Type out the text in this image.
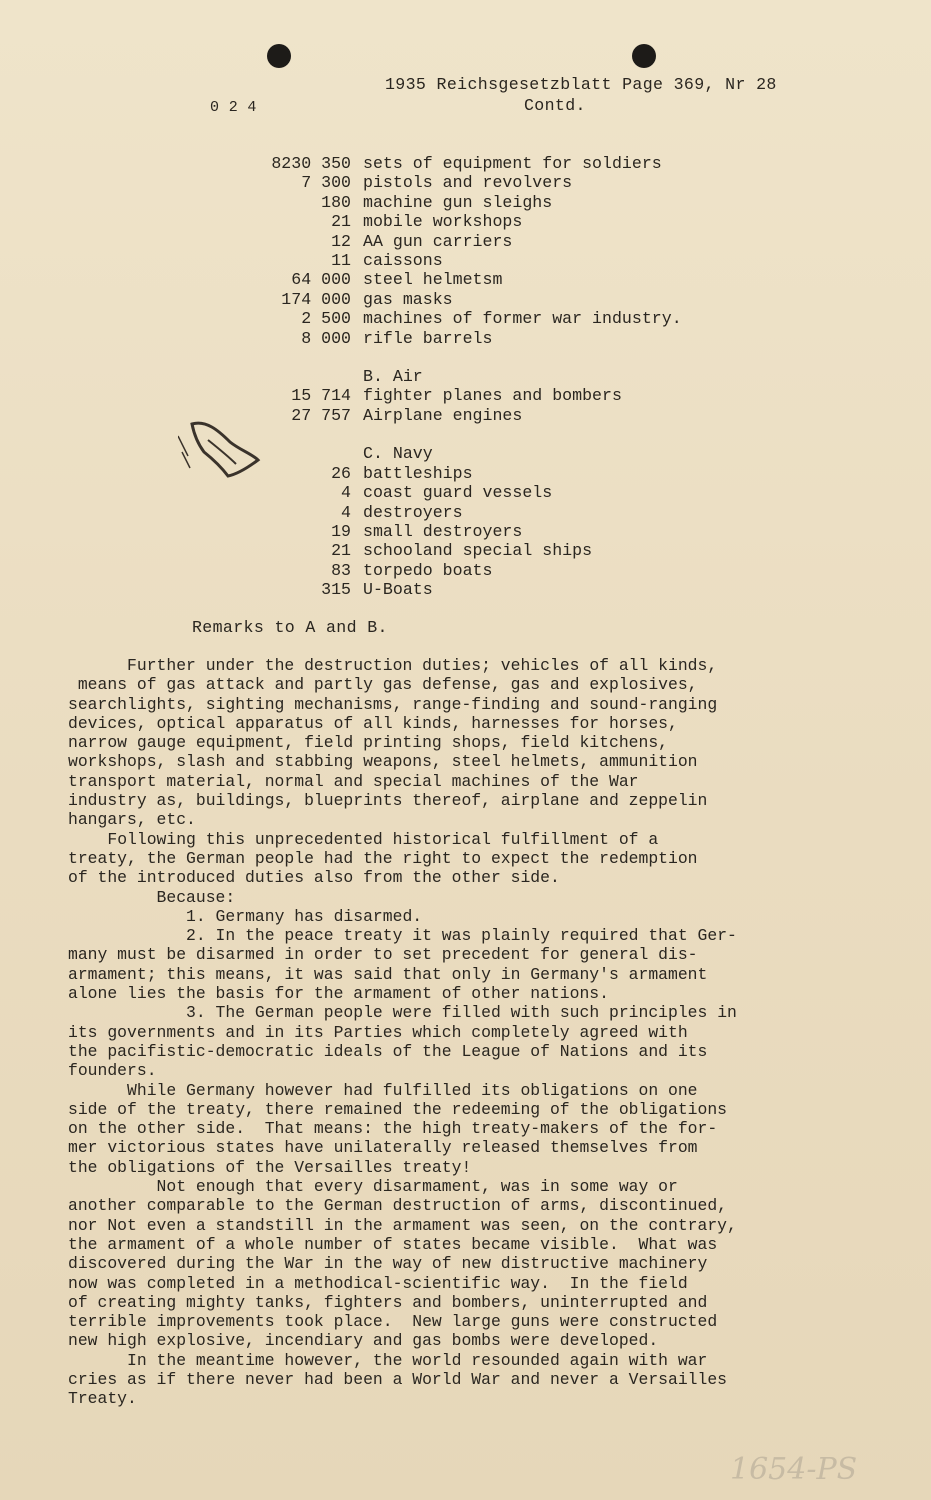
0 2 4
1935 Reichsgesetzblatt Page 369, Nr 28
Contd.
8230 350 sets of equipment for soldiers
7 300 pistols and revolvers
180 machine gun sleighs
21 mobile workshops
12 AA gun carriers
11 caissons
64 000 steel helmetsm
174 000 gas masks
2 500 machines of former war industry.
8 000 rifle barrels
B. Air
15 714 fighter planes and bombers
27 757 Airplane engines
C. Navy
26 battleships
4 coast guard vessels
4 destroyers
19 small destroyers
21 schooland special ships
83 torpedo boats
315 U-Boats
Remarks to A and B.

Further under the destruction duties; vehicles of all kinds,
means of gas attack and partly gas defense, gas and explosives,
searchlights, sighting mechanisms, range-finding and sound-ranging
devices, optical apparatus of all kinds, harnesses for horses,
narrow gauge equipment, field printing shops, field kitchens,
workshops, slash and stabbing weapons, steel helmets, ammunition
transport material, normal and special machines of the War
industry as, buildings, blueprints thereof, airplane and zeppelin
hangars, etc.

Following this unprecedented historical fulfillment of a
treaty, the German people had the right to expect the redemption
of the introduced duties also from the other side.

Because:

1. Germany has disarmed.

2. In the peace treaty it was plainly required that Ger-
many must be disarmed in order to set precedent for general dis-
armament; this means, it was said that only in Germany's armament
alone lies the basis for the armament of other nations.

3. The German people were filled with such principles in
its governments and in its Parties which completely agreed with
the pacifistic-democratic ideals of the League of Nations and its
founders.

While Germany however had fulfilled its obligations on one
side of the treaty, there remained the redeeming of the obligations
on the other side.  That means: the high treaty-makers of the for-
mer victorious states have unilaterally released themselves from
the obligations of the Versailles treaty!

Not enough that every disarmament, was in some way or
another comparable to the German destruction of arms, discontinued,
nor Not even a standstill in the armament was seen, on the contrary,
the armament of a whole number of states became visible.  What was
discovered during the War in the way of new distructive machinery
now was completed in a methodical-scientific way.  In the field
of creating mighty tanks, fighters and bombers, uninterrupted and
terrible improvements took place.  New large guns were constructed
new high explosive, incendiary and gas bombs were developed.

In the meantime however, the world resounded again with war
cries as if there never had been a World War and never a Versailles
Treaty.

1654-PS
